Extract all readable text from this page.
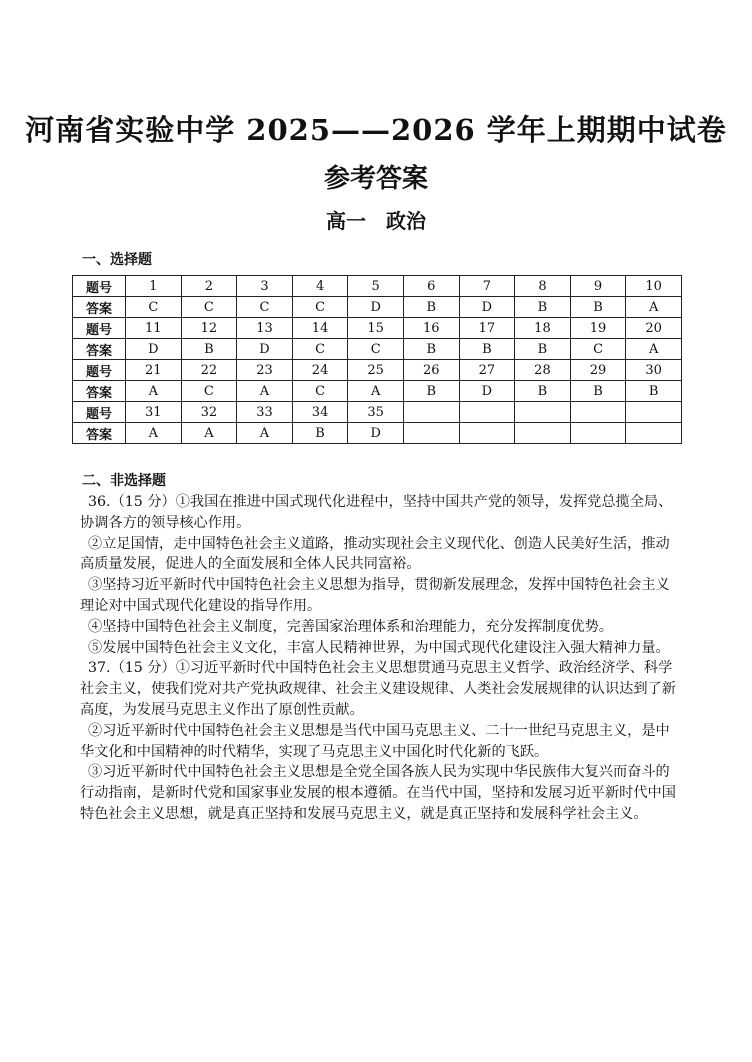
河南省实验中学 2025——2026 学年上期期中试卷
参考答案
高一　政治
一、选择题
题号	1	2	3	4	5	6	7	8	9	10
答案	C	C	C	C	D	B	D	B	B	A
题号	11	12	13	14	15	16	17	18	19	20
答案	D	B	D	C	C	B	B	B	C	A
题号	21	22	23	24	25	26	27	28	29	30
答案	A	C	A	C	A	B	D	B	B	B
题号	31	32	33	34	35					
答案	A	A	A	B	D					
二、非选择题

36.（15 分）①我国在推进中国式现代化进程中，坚持中国共产党的领导，发挥党总揽全局、协调各方的领导核心作用。

②立足国情，走中国特色社会主义道路，推动实现社会主义现代化、创造人民美好生活，推动高质量发展，促进人的全面发展和全体人民共同富裕。

③坚持习近平新时代中国特色社会主义思想为指导，贯彻新发展理念，发挥中国特色社会主义理论对中国式现代化建设的指导作用。

④坚持中国特色社会主义制度，完善国家治理体系和治理能力，充分发挥制度优势。

⑤发展中国特色社会主义文化，丰富人民精神世界，为中国式现代化建设注入强大精神力量。

37.（15 分）①习近平新时代中国特色社会主义思想贯通马克思主义哲学、政治经济学、科学社会主义，使我们党对共产党执政规律、社会主义建设规律、人类社会发展规律的认识达到了新高度，为发展马克思主义作出了原创性贡献。

②习近平新时代中国特色社会主义思想是当代中国马克思主义、二十一世纪马克思主义，是中华文化和中国精神的时代精华，实现了马克思主义中国化时代化新的飞跃。

③习近平新时代中国特色社会主义思想是全党全国各族人民为实现中华民族伟大复兴而奋斗的行动指南，是新时代党和国家事业发展的根本遵循。在当代中国，坚持和发展习近平新时代中国特色社会主义思想，就是真正坚持和发展马克思主义，就是真正坚持和发展科学社会主义。
